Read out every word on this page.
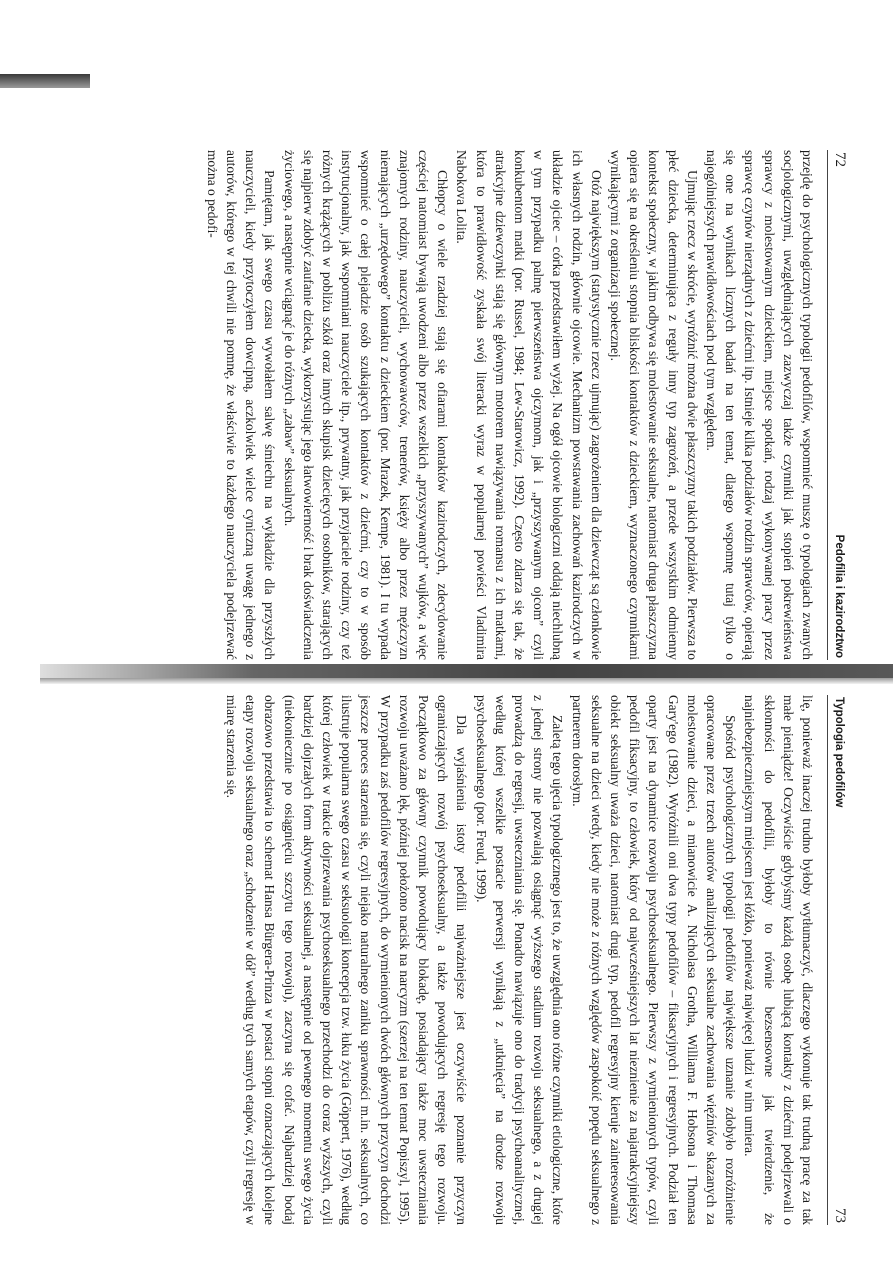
72
Pedofilia i kazirodztwo

przejdę do psychologicznych typologii pedofilów, wspomnieć muszę o typologiach zwanych socjologicznymi, uwzględniających zazwyczaj także czynniki jak stopień pokrewieństwa sprawcy z molestowanym dzieckiem, miejsce spotkań, rodzaj wykonywanej pracy przez sprawcę czynów nierządnych z dziećmi itp. Istnieje kilka podziałów rodzin sprawców, opierają się one na wynikach licznych badań na ten temat, dlatego wspomnę tutaj tylko o najogólniejszych prawidłowościach pod tym względem.

Ujmując rzecz w skrócie, wyróżnić można dwie płaszczyzny takich podziałów. Pierwsza to płeć dziecka, determinująca z reguły inny typ zagrożeń, a przede wszystkim odmienny kontekst społeczny, w jakim odbywa się molestowanie seksualne, natomiast druga płaszczyzna opiera się na określeniu stopnia bliskości kontaktów z dzieckiem, wyznaczonego czynnikami wynikającymi z organizacji społecznej.

Otóż największym (statystycznie rzecz ujmując) zagrożeniem dla dziewcząt są członkowie ich własnych rodzin, głównie ojcowie. Mechanizm powstawania zachowań kazirodczych w układzie ojciec – córka przedstawiłem wyżej. Na ogół ojcowie biologiczni oddają niechlubną w tym przypadku palmę pierwszeństwa ojczymom, jak i „przyszywanym ojcom” czyli konkubentom matki (por. Russel, 1984; Lew-Starowicz, 1992). Często zdarza się tak, że atrakcyjne dziewczynki stają się głównym motorem nawiązywania romansu z ich matkami, która to prawidłowość zyskała swój literacki wyraz w popularnej powieści Vladimira Nabokova Lolita.

Chłopcy o wiele rzadziej stają się ofiarami kontaktów kazirodczych, zdecydowanie częściej natomiast bywają uwodzeni albo przez wszelkich „przyszywanych” wujków, a więc znajomych rodziny, nauczycieli, wychowawców, trenerów, księży albo przez mężczyzn niemających „urzędowego” kontaktu z dzieckiem (por. Mrazek, Kempe, 1981). I tu wypada wspomnieć o całej plejadzie osób szukających kontaktów z dziećmi, czy to w sposób instytucjonalny, jak wspomniani nauczyciele itp., prywatny, jak przyjaciele rodziny, czy też różnych krążących w pobliżu szkół oraz innych skupisk dziecięcych osobników, starających się najpierw zdobyć zaufanie dziecka, wykorzystując jego łatwowierność i brak doświadczenia życiowego, a następnie wciągnąć je do różnych „zabaw” seksualnych.

Pamiętam, jak swego czasu wywołałem salwę śmiechu na wykładzie dla przyszłych nauczycieli, kiedy przytoczyłem dowcipną, aczkolwiek wielce cyniczną uwagę jednego z autorów, którego w tej chwili nie pomnę, że właściwie to każdego nauczyciela podejrzewać można o pedofi-

Typologia pedofilów
73

lię, ponieważ inaczej trudno byłoby wytłumaczyć, dlaczego wykonuje tak trudną pracę za tak małe pieniądze! Oczywiście gdybyśmy każdą osobę lubiącą kontakty z dziećmi podejrzewali o skłonności do pedofilii, byłoby to równie bezsensowne jak twierdzenie, że najniebezpieczniejszym miejscem jest łóżko, ponieważ najwięcej ludzi w nim umiera.

Spośród psychologicznych typologii pedofilów największe uznanie zdobyło rozróżnienie opracowane przez trzech autorów analizujących seksualne zachowania więźniów skazanych za molestowanie dzieci, a mianowicie A. Nicholasa Grotha, Williama F. Hobsona i Thomasa Gary'ego (1982). Wyróżnili oni dwa typy pedofilów – fiksacyjnych i regresyjnych. Podział ten oparty jest na dynamice rozwoju psychoseksualnego. Pierwszy z wymienionych typów, czyli pedofil fiksacyjny, to człowiek, który od najwcześniejszych lat nieznienie za najatrakcyjniejszy obiekt seksualny uważa dzieci, natomiast drugi typ, pedofil regresyjny kieruje zainteresowania seksualne na dzieci wtedy, kiedy nie może z różnych względów zaspokoić popędu seksualnego z partnerem dorosłym.

Zaletą tego ujęcia typologicznego jest to, że uwzględnia ono różne czynniki etiologiczne, które z jednej strony nie pozwalają osiągnąć wyższego stadium rozwoju seksualnego, a z drugiej prowadzą do regresji, uwsteczniania się. Ponadto nawiązuje ono do tradycji psychoanalitycznej, według której wszelkie postacie perwersji wynikają z „utknięcia” na drodze rozwoju psychoseksualnego (por. Freud, 1999).

Dla wyjaśnienia istoty pedofilii najważniejsze jest oczywiście poznanie przyczyn ograniczających rozwój psychoseksualny, a także powodujących regresję tego rozwoju. Początkowo za główny czynnik powodujący blokadę, posiadający także moc uwsteczniania rozwoju uważano lęk, później położono nacisk na narcyzm (szerzej na ten temat Popiszyl, 1995). W przypadku zaś pedofilów regresyjnych, do wymienionych dwóch głównych przyczyn dochodzi jeszcze proces starzenia się, czyli niejako naturalnego zaniku sprawności m.in. seksualnych, co ilustruje popularna swego czasu w seksuologii koncepcja tzw. łuku życia (Göppert, 1976), według której człowiek w trakcie dojrzewania psychoseksualnego przechodzi do coraz wyższych, czyli bardziej dojrzałych form aktywności seksualnej, a następnie od pewnego momentu swego życia (niekoniecznie po osiągnięciu szczytu tego rozwoju), zaczyna się cofać. Najbardziej bodaj obrazowo przedstawia to schemat Hansa Bürgera-Prinza w postaci stopni oznaczających kolejne etapy rozwoju seksualnego oraz „schodzenie w dół” według tych samych etapów, czyli regresję w miarę starzenia się.
